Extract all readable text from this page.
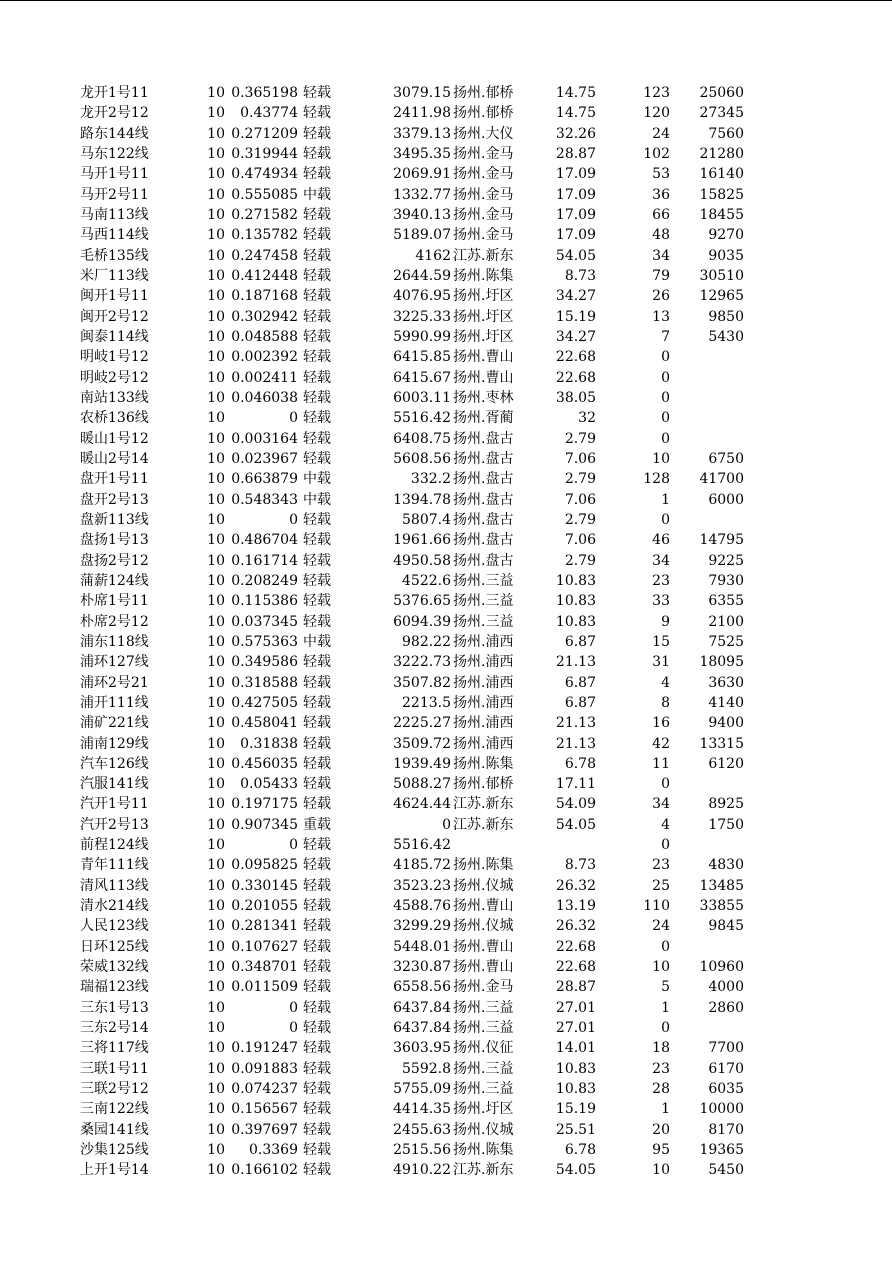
龙开1号11	10 0.365198 轻载	3079.15 扬州.郁桥	14.75	123	25060
龙开2号12	10	0.43774 轻载	2411.98 扬州.郁桥	14.75	120	27345
路东144线	10 0.271209 轻载	3379.13 扬州.大仪	32.26	24	7560
马东122线	10 0.319944 轻载	3495.35 扬州.金马	28.87	102	21280
马开1号11	10 0.474934 轻载	2069.91 扬州.金马	17.09	53	16140
马开2号11	10 0.555085 中载	1332.77 扬州.金马	17.09	36	15825
马南113线	10 0.271582 轻载	3940.13 扬州.金马	17.09	66	18455
马西114线	10 0.135782 轻载	5189.07 扬州.金马	17.09	48	9270
毛桥135线	10 0.247458 轻载	4162 江苏.新东	54.05	34	9035
米厂113线	10 0.412448 轻载	2644.59 扬州.陈集	8.73	79	30510
闽开1号11	10 0.187168 轻载	4076.95 扬州.圩区	34.27	26	12965
闽开2号12	10 0.302942 轻载	3225.33 扬州.圩区	15.19	13	9850
闽泰114线	10 0.048588 轻载	5990.99 扬州.圩区	34.27	7	5430
明岐1号12	10 0.002392 轻载	6415.85 扬州.曹山	22.68	0
明岐2号12	10 0.002411 轻载	6415.67 扬州.曹山	22.68	0
南站133线	10 0.046038 轻载	6003.11 扬州.枣林	38.05	0
农桥136线	10	0 轻载	5516.42 扬州.胥蔺	32	0
暖山1号12	10 0.003164 轻载	6408.75 扬州.盘古	2.79	0
暖山2号14	10 0.023967 轻载	5608.56 扬州.盘古	7.06	10	6750
盘开1号11	10 0.663879 中载	332.2 扬州.盘古	2.79	128	41700
盘开2号13	10 0.548343 中载	1394.78 扬州.盘古	7.06	1	6000
盘新113线	10	0 轻载	5807.4 扬州.盘古	2.79	0
盘扬1号13	10 0.486704 轻载	1961.66 扬州.盘古	7.06	46	14795
盘扬2号12	10 0.161714 轻载	4950.58 扬州.盘古	2.79	34	9225
蒲薪124线	10 0.208249 轻载	4522.6 扬州.三益	10.83	23	7930
朴席1号11	10 0.115386 轻载	5376.65 扬州.三益	10.83	33	6355
朴席2号12	10 0.037345 轻载	6094.39 扬州.三益	10.83	9	2100
浦东118线	10 0.575363 中载	982.22 扬州.浦西	6.87	15	7525
浦环127线	10 0.349586 轻载	3222.73 扬州.浦西	21.13	31	18095
浦环2号21	10 0.318588 轻载	3507.82 扬州.浦西	6.87	4	3630
浦开111线	10 0.427505 轻载	2213.5 扬州.浦西	6.87	8	4140
浦矿221线	10 0.458041 轻载	2225.27 扬州.浦西	21.13	16	9400
浦南129线	10	0.31838 轻载	3509.72 扬州.浦西	21.13	42	13315
汽车126线	10 0.456035 轻载	1939.49 扬州.陈集	6.78	11	6120
汽服141线	10	0.05433 轻载	5088.27 扬州.郁桥	17.11	0
汽开1号11	10 0.197175 轻载	4624.44 江苏.新东	54.09	34	8925
汽开2号13	10 0.907345 重载	0 江苏.新东	54.05	4	1750
前程124线	10	0 轻载	5516.42	0
青年111线	10 0.095825 轻载	4185.72 扬州.陈集	8.73	23	4830
清风113线	10 0.330145 轻载	3523.23 扬州.仪城	26.32	25	13485
清水214线	10 0.201055 轻载	4588.76 扬州.曹山	13.19	110	33855
人民123线	10 0.281341 轻载	3299.29 扬州.仪城	26.32	24	9845
日环125线	10 0.107627 轻载	5448.01 扬州.曹山	22.68	0
荣威132线	10 0.348701 轻载	3230.87 扬州.曹山	22.68	10	10960
瑞福123线	10 0.011509 轻载	6558.56 扬州.金马	28.87	5	4000
三东1号13	10	0 轻载	6437.84 扬州.三益	27.01	1	2860
三东2号14	10	0 轻载	6437.84 扬州.三益	27.01	0
三将117线	10 0.191247 轻载	3603.95 扬州.仪征	14.01	18	7700
三联1号11	10 0.091883 轻载	5592.8 扬州.三益	10.83	23	6170
三联2号12	10 0.074237 轻载	5755.09 扬州.三益	10.83	28	6035
三南122线	10 0.156567 轻载	4414.35 扬州.圩区	15.19	1	10000
桑园141线	10 0.397697 轻载	2455.63 扬州.仪城	25.51	20	8170
沙集125线	10	0.3369 轻载	2515.56 扬州.陈集	6.78	95	19365
上开1号14	10 0.166102 轻载	4910.22 江苏.新东	54.05	10	5450
